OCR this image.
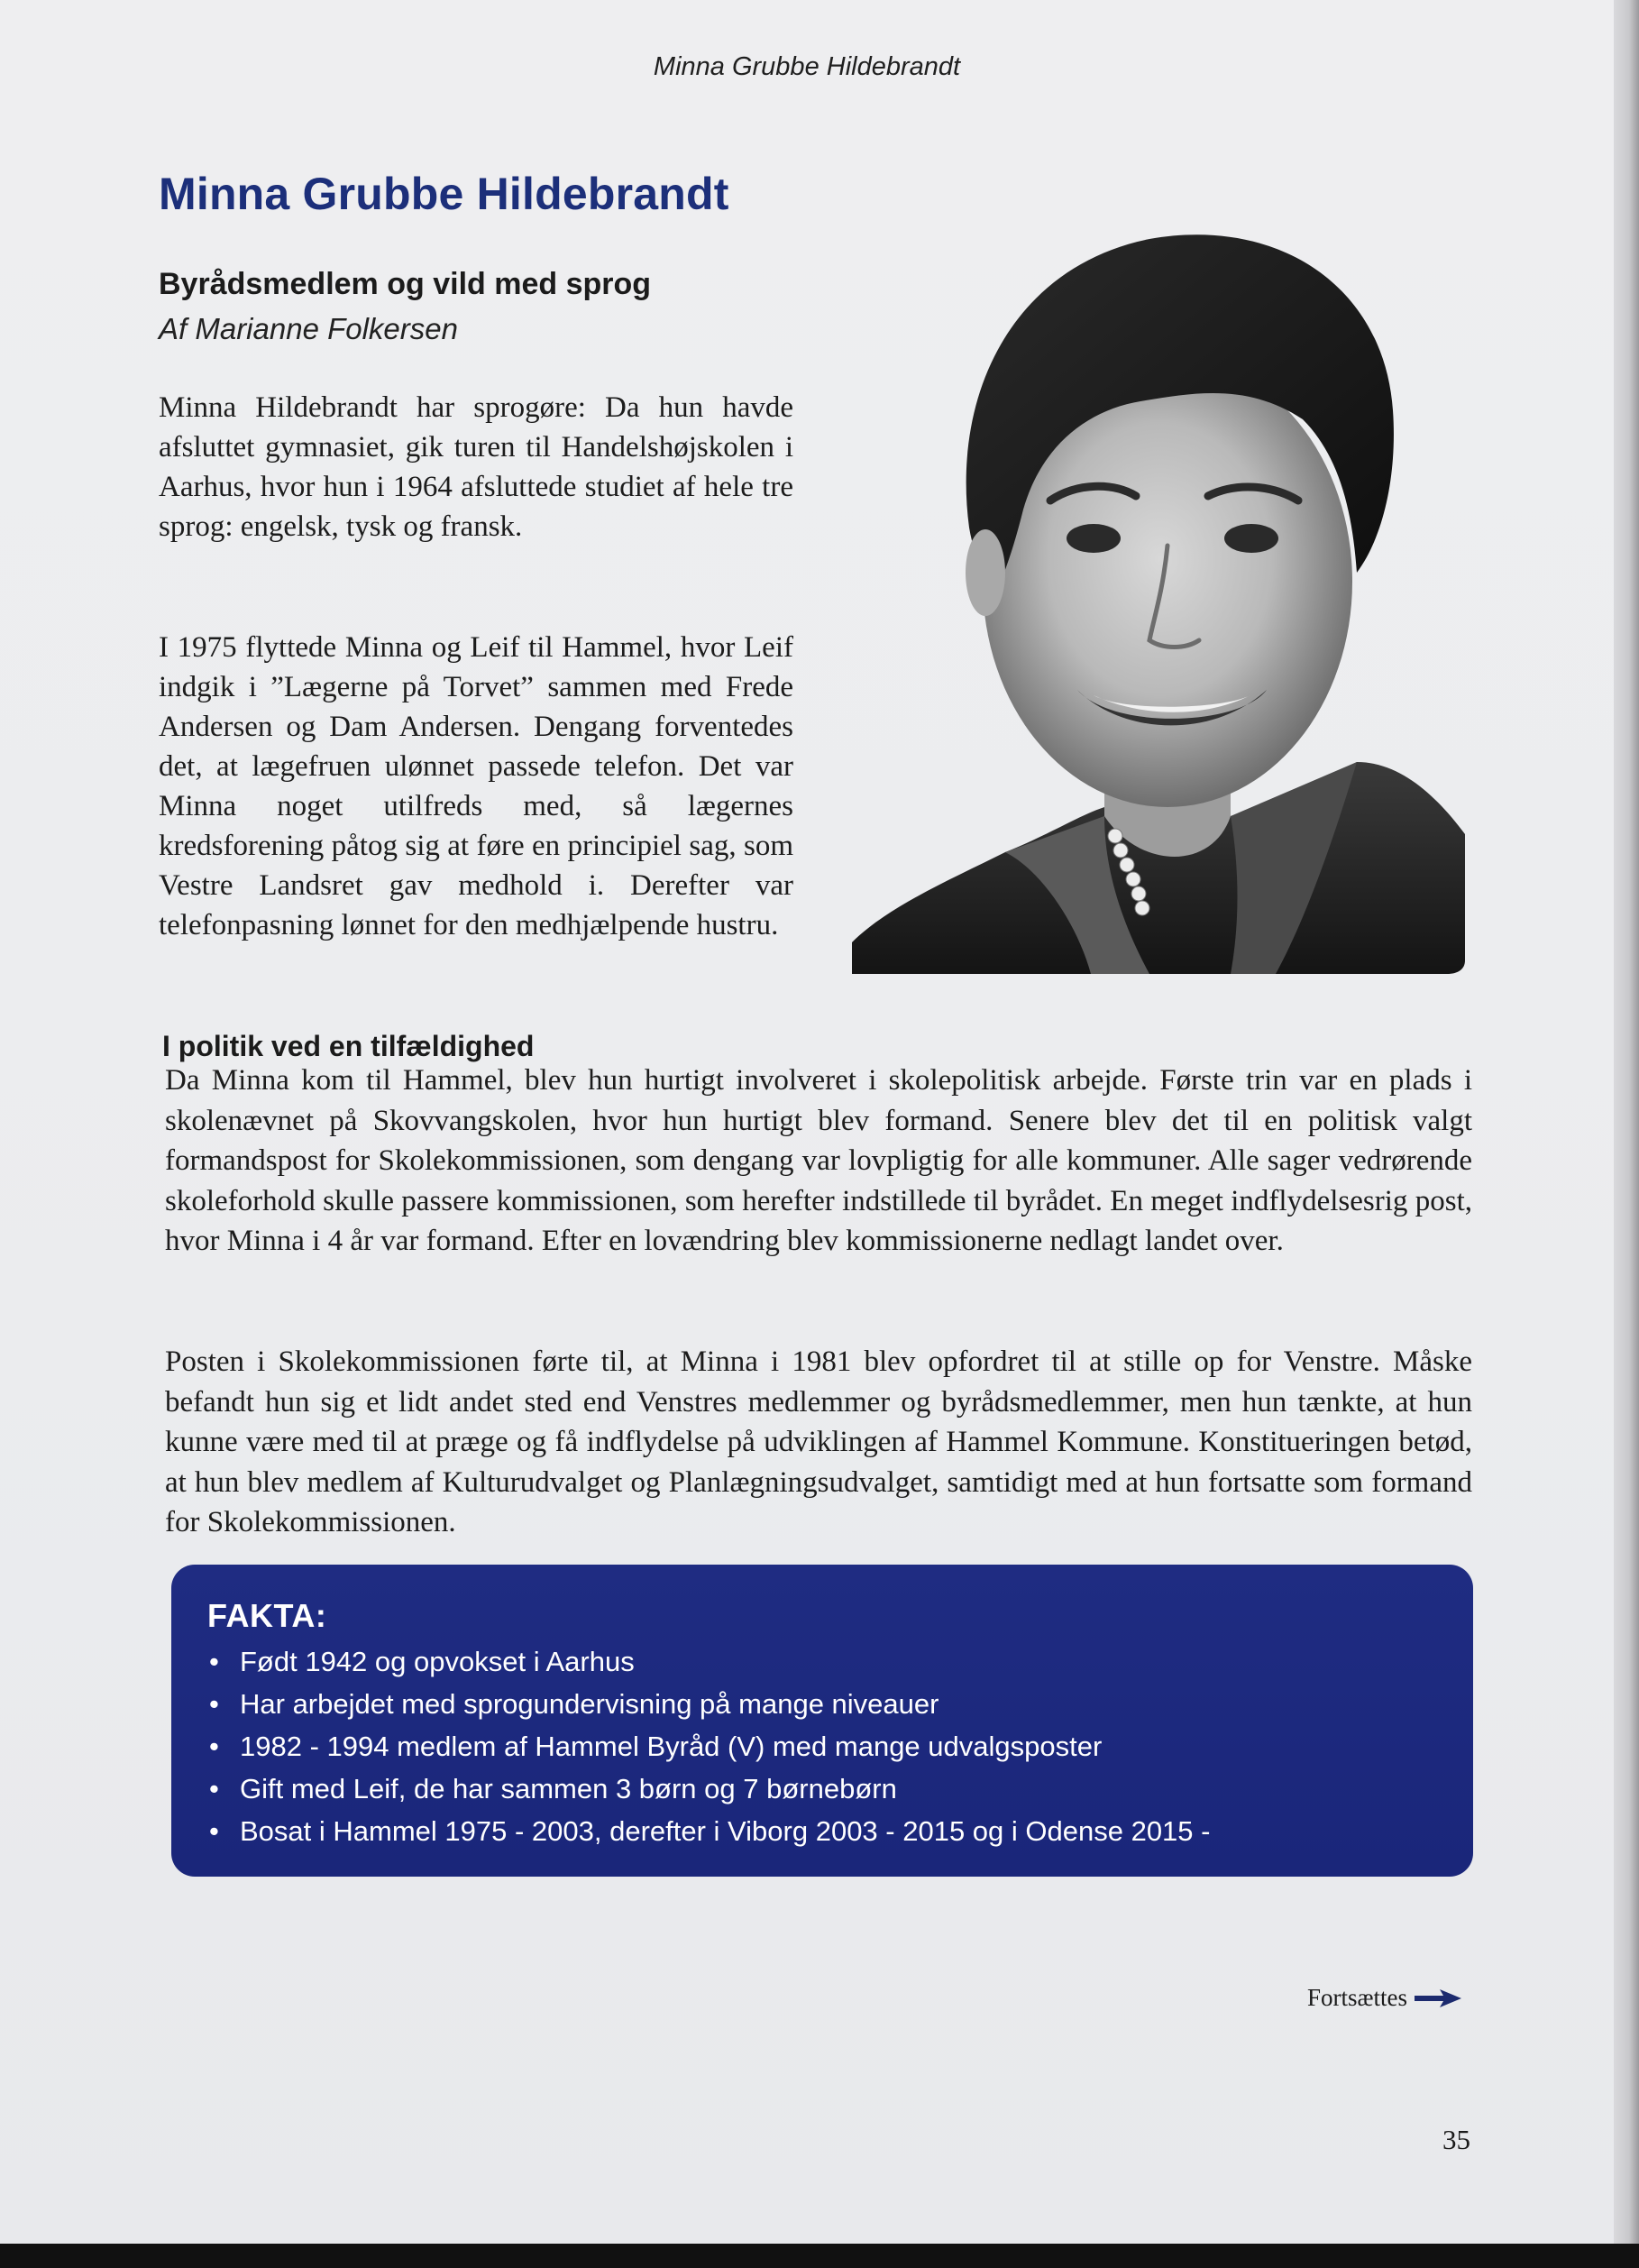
Minna Grubbe Hildebrandt

Minna Grubbe Hildebrandt
Byrådsmedlem og vild med sprog

Af Marianne Folkersen

Minna Hildebrandt har sprogøre: Da hun havde afsluttet gymnasiet, gik turen til Handelshøjskolen i Aarhus, hvor hun i 1964 afsluttede studiet af hele tre sprog: engelsk, tysk og fransk.

I 1975 flyttede Minna og Leif til Hammel, hvor Leif indgik i ”Lægerne på Torvet” sammen med Frede Andersen og Dam Andersen. Dengang forventedes det, at lægefruen ulønnet passede telefon. Det var Minna noget utilfreds med, så lægernes kredsforening påtog sig at føre en principiel sag, som Vestre Landsret gav medhold i. Derefter var telefonpasning lønnet for den medhjælpende hustru.

I politik ved en tilfældighed

Da Minna kom til Hammel, blev hun hurtigt involveret i skolepolitisk arbejde. Første trin var en plads i skolenævnet på Skovvangskolen, hvor hun hurtigt blev formand. Senere blev det til en politisk valgt formandspost for Skolekommissionen, som dengang var lovpligtig for alle kommuner. Alle sager vedrørende skoleforhold skulle passere kommissionen, som herefter indstillede til byrådet. En meget indflydelsesrig post, hvor Minna i 4 år var formand. Efter en lovændring blev kommissionerne nedlagt landet over.

Posten i Skolekommissionen førte til, at Minna i 1981 blev opfordret til at stille op for Venstre. Måske befandt hun sig et lidt andet sted end Venstres medlemmer og byrådsmedlemmer, men hun tænkte, at hun kunne være med til at præge og få indflydelse på udviklingen af Hammel Kommune. Konstitueringen betød, at hun blev medlem af Kulturudvalget og Planlægningsudvalget, samtidigt med at hun fortsatte som formand for Skolekommissionen.

FAKTA:

• Født 1942 og opvokset i Aarhus
• Har arbejdet med sprogundervisning på mange niveauer
• 1982 - 1994 medlem af Hammel Byråd (V) med mange udvalgsposter
• Gift med Leif, de har sammen 3 børn og 7 børnebørn
• Bosat i Hammel 1975 - 2003, derefter i Viborg 2003 - 2015 og i Odense 2015 -
Fortsættes
35
